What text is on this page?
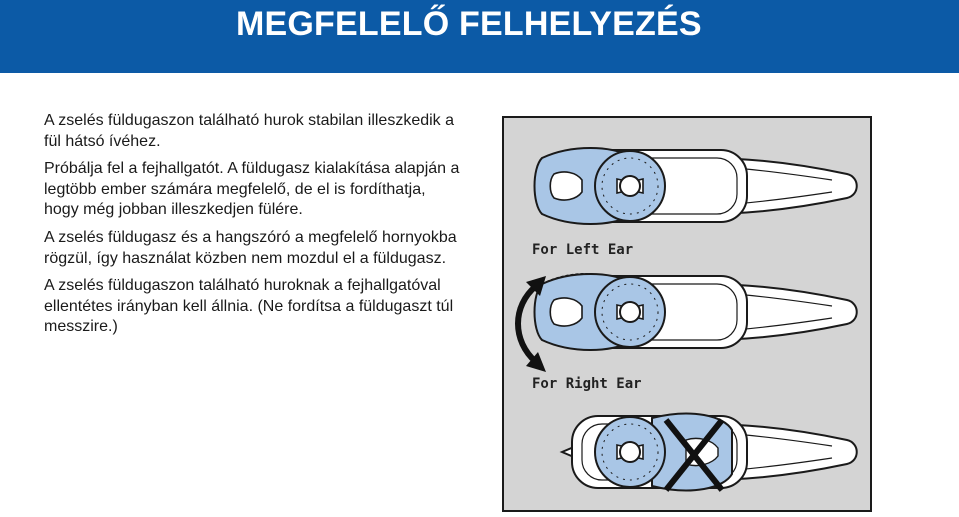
MEGFELELŐ FELHELYEZÉS

A zselés füldugaszon található hurok stabilan illeszkedik a fül hátsó ívéhez.

Próbálja fel a fejhallgatót. A füldugasz kialakítása alapján a legtöbb ember számára megfelelő, de el is fordíthatja, hogy még jobban illeszkedjen fülére.

A zselés füldugasz és a hangszóró a megfelelő hornyokba rögzül, így használat közben nem mozdul el a füldugasz.

A zselés füldugaszon található huroknak a fejhallgatóval ellentétes irányban kell állnia. (Ne fordítsa a füldugaszt túl messzire.)

For Left Ear
For Right Ear
